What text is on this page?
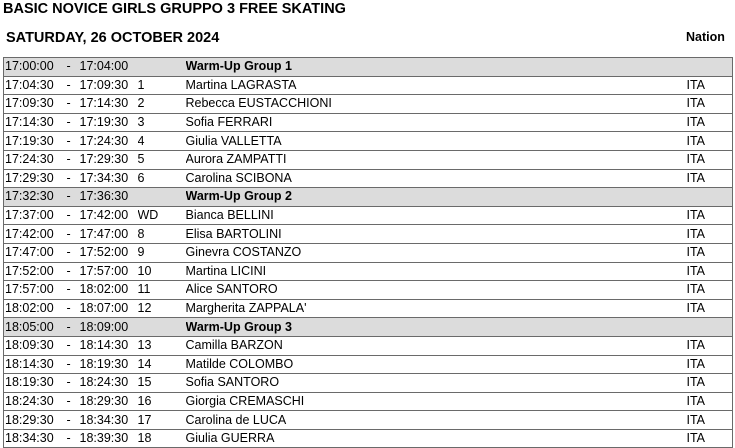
BASIC NOVICE GIRLS GRUPPO 3 FREE SKATING
SATURDAY, 26 OCTOBER 2024	Nation
17:00:00	-	17:04:00		Warm-Up Group 1	
17:04:30	-	17:09:30	1	Martina LAGRASTA	ITA
17:09:30	-	17:14:30	2	Rebecca EUSTACCHIONI	ITA
17:14:30	-	17:19:30	3	Sofia FERRARI	ITA
17:19:30	-	17:24:30	4	Giulia VALLETTA	ITA
17:24:30	-	17:29:30	5	Aurora ZAMPATTI	ITA
17:29:30	-	17:34:30	6	Carolina SCIBONA	ITA
17:32:30	-	17:36:30		Warm-Up Group 2	
17:37:00	-	17:42:00	WD	Bianca BELLINI	ITA
17:42:00	-	17:47:00	8	Elisa BARTOLINI	ITA
17:47:00	-	17:52:00	9	Ginevra COSTANZO	ITA
17:52:00	-	17:57:00	10	Martina LICINI	ITA
17:57:00	-	18:02:00	11	Alice SANTORO	ITA
18:02:00	-	18:07:00	12	Margherita ZAPPALA'	ITA
18:05:00	-	18:09:00		Warm-Up Group 3	
18:09:30	-	18:14:30	13	Camilla BARZON	ITA
18:14:30	-	18:19:30	14	Matilde COLOMBO	ITA
18:19:30	-	18:24:30	15	Sofia SANTORO	ITA
18:24:30	-	18:29:30	16	Giorgia CREMASCHI	ITA
18:29:30	-	18:34:30	17	Carolina de LUCA	ITA
18:34:30	-	18:39:30	18	Giulia GUERRA	ITA
